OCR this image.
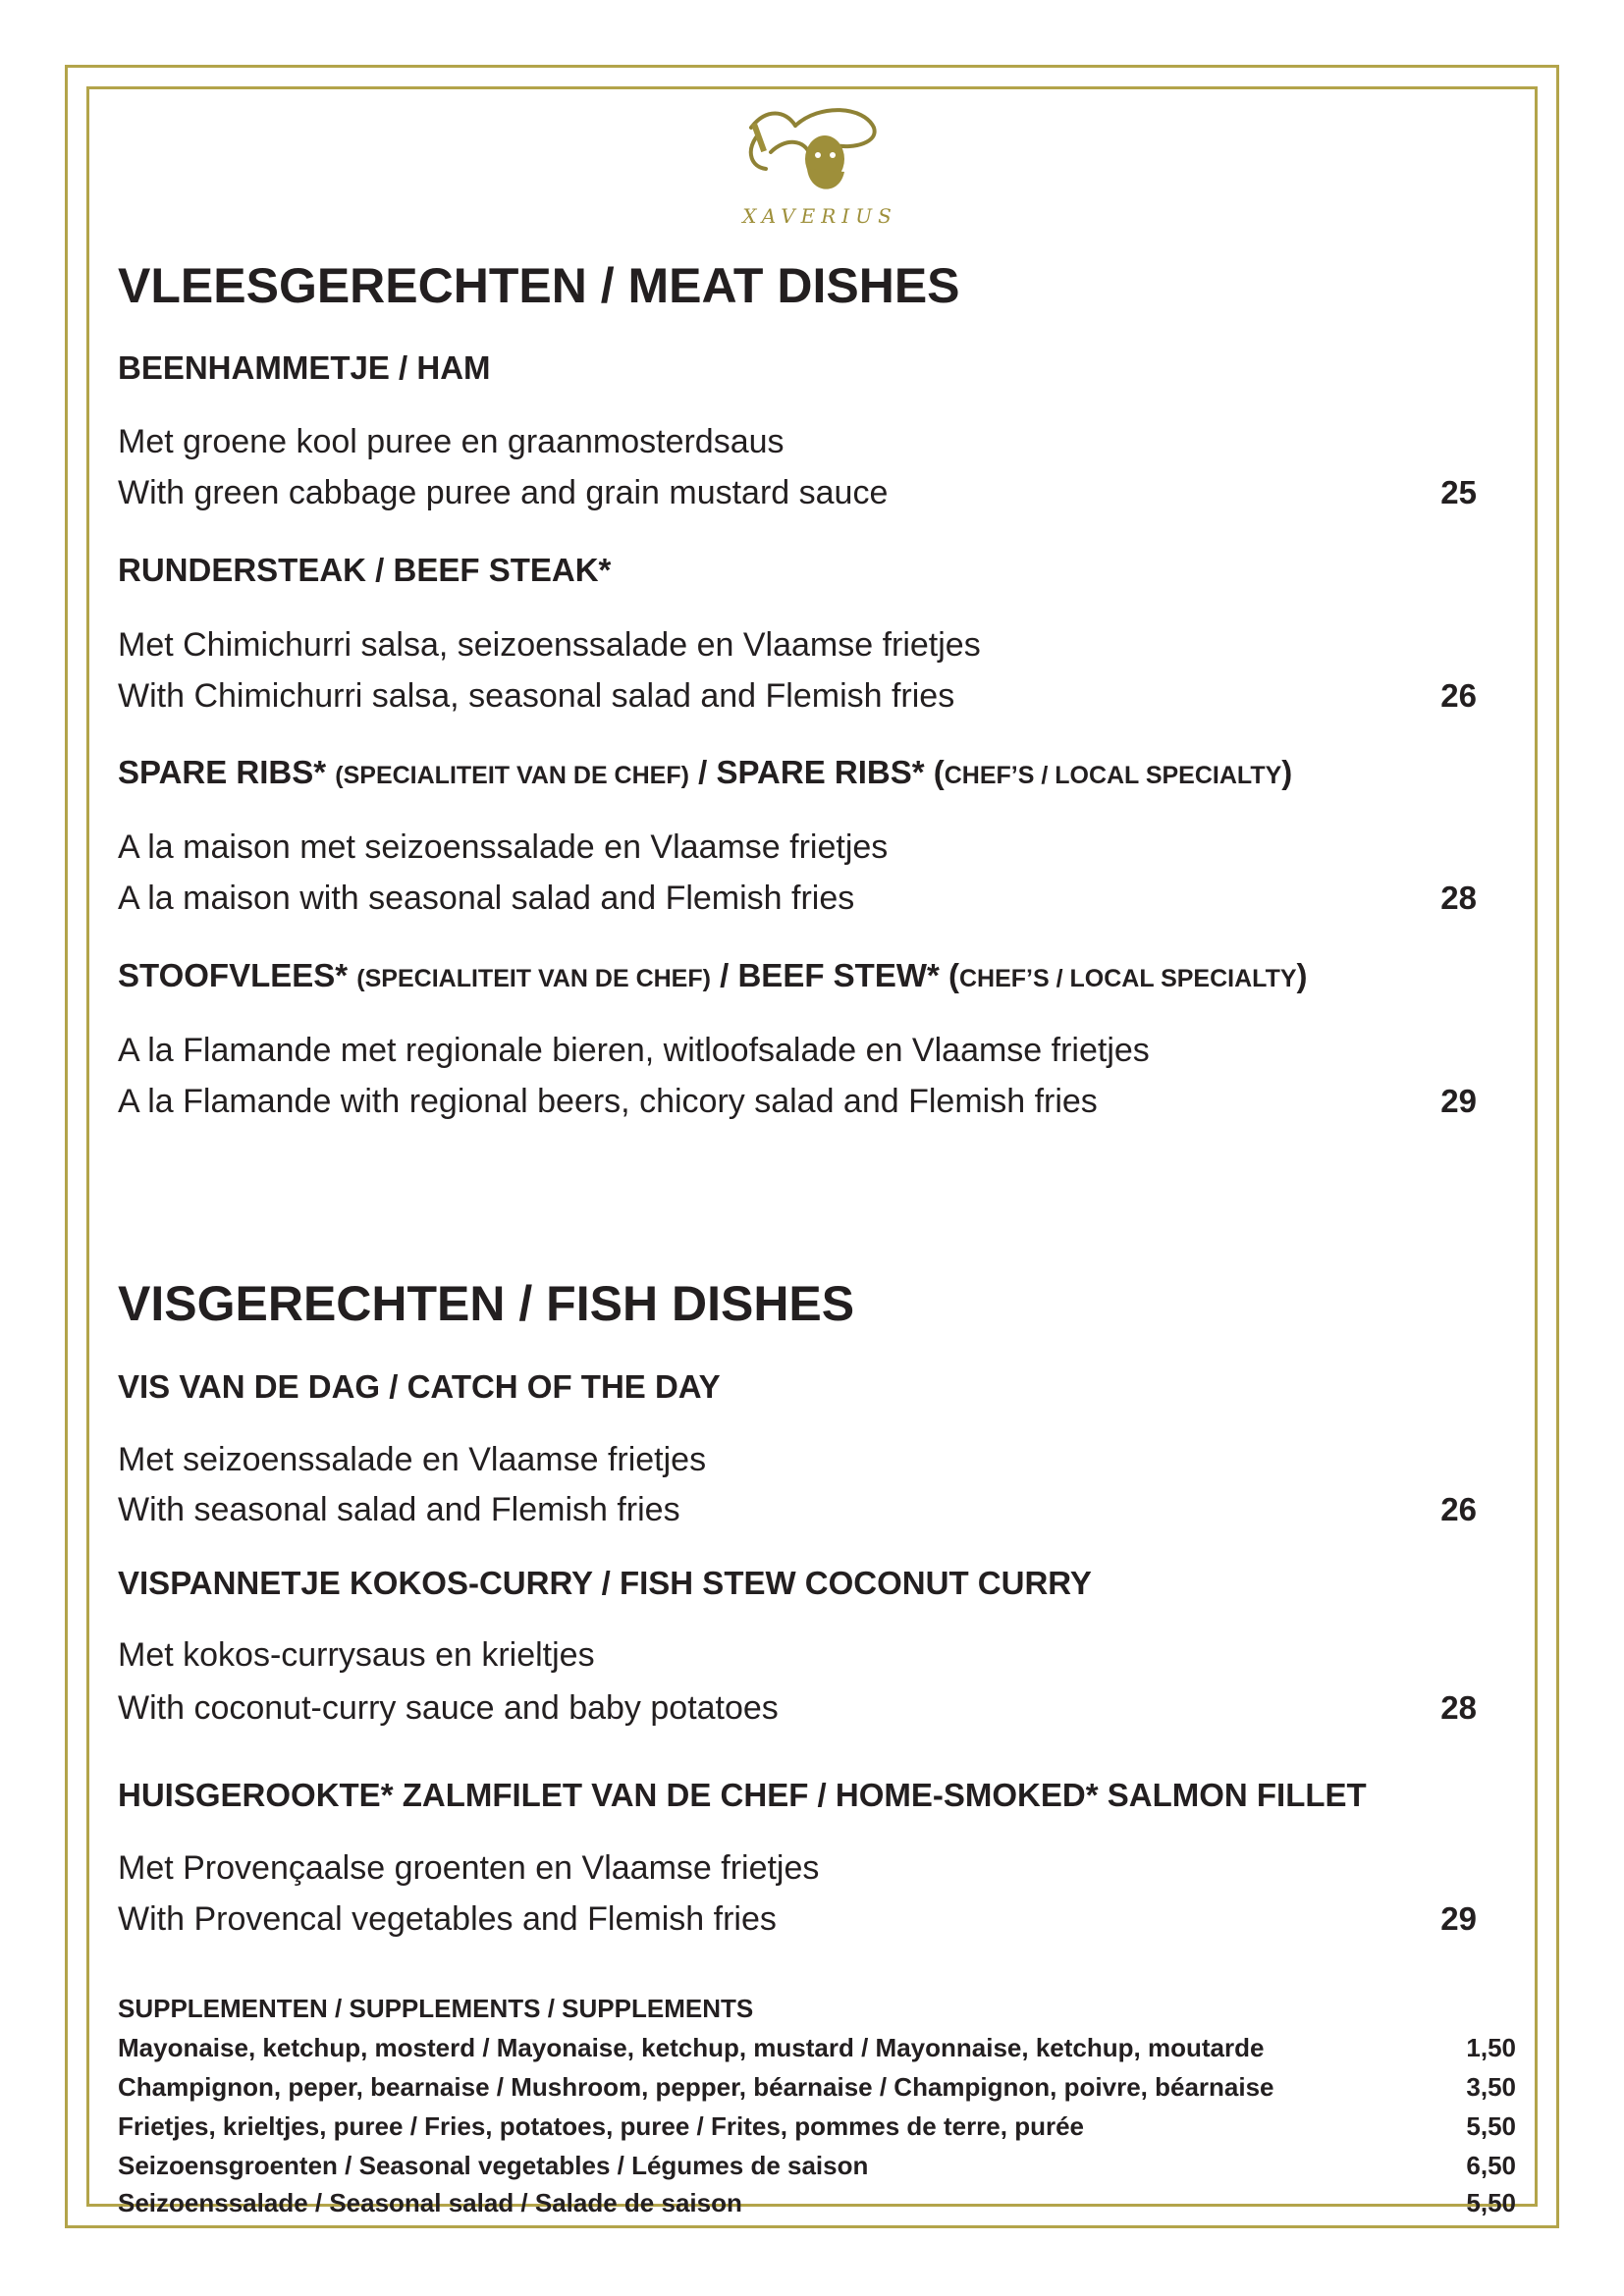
XAVERIUS
VLEESGERECHTEN / MEAT DISHES
BEENHAMMETJE / HAM
Met groene kool puree en graanmosterdsaus
With green cabbage puree and grain mustard sauce	25
RUNDERSTEAK / BEEF STEAK*
Met Chimichurri salsa, seizoenssalade en Vlaamse frietjes
With Chimichurri salsa, seasonal salad and Flemish fries	26
SPARE RIBS* (SPECIALITEIT VAN DE CHEF) / SPARE RIBS* (CHEF’S / LOCAL SPECIALTY)
A la maison met seizoenssalade en Vlaamse frietjes
A la maison with seasonal salad and Flemish fries	28
STOOFVLEES* (SPECIALITEIT VAN DE CHEF) / BEEF STEW* (CHEF’S / LOCAL SPECIALTY)
A la Flamande met regionale bieren, witloofsalade en Vlaamse frietjes
A la Flamande with regional beers, chicory salad and Flemish fries	29
VISGERECHTEN / FISH DISHES
VIS VAN DE DAG / CATCH OF THE DAY
Met seizoenssalade en Vlaamse frietjes
With seasonal salad and Flemish fries	26
VISPANNETJE KOKOS-CURRY / FISH STEW COCONUT CURRY
Met kokos-currysaus en krieltjes
With coconut-curry sauce and baby potatoes	28
HUISGEROOKTE* ZALMFILET VAN DE CHEF / HOME-SMOKED* SALMON FILLET
Met Provençaalse groenten en Vlaamse frietjes
With Provencal vegetables and Flemish fries	29
SUPPLEMENTEN / SUPPLEMENTS / SUPPLEMENTS
Mayonaise, ketchup, mosterd / Mayonaise, ketchup, mustard / Mayonnaise, ketchup, moutarde	1,50
Champignon, peper, bearnaise / Mushroom, pepper, béarnaise / Champignon, poivre, béarnaise	3,50
Frietjes, krieltjes, puree / Fries, potatoes, puree / Frites, pommes de terre, purée	5,50
Seizoensgroenten / Seasonal vegetables / Légumes de saison	6,50
Seizoenssalade / Seasonal salad / Salade de saison	5,50
